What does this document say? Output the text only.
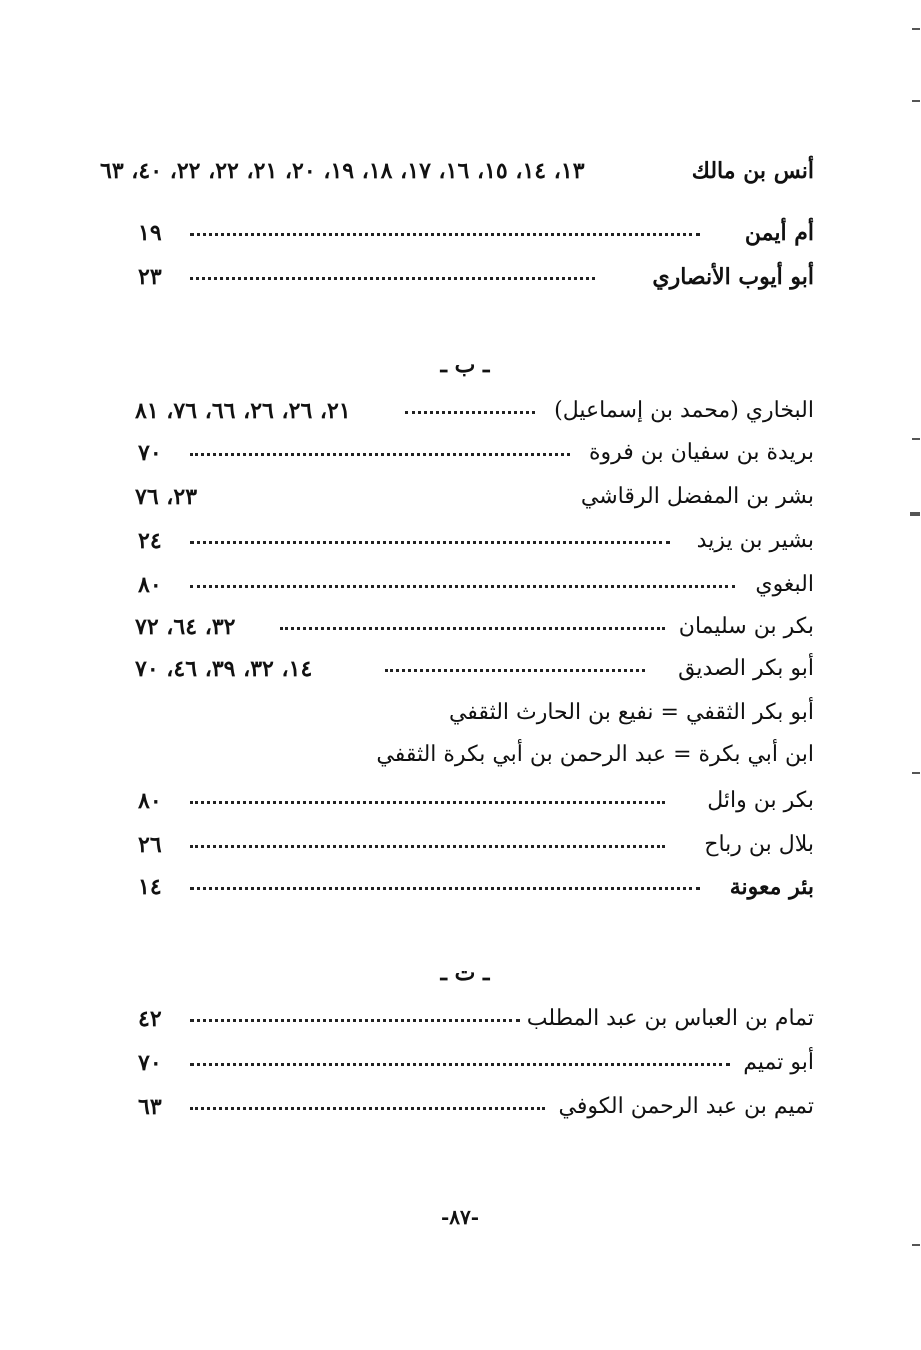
أنس بن مالك
١٣، ١٤، ١٥، ١٦، ١٧، ١٨، ١٩، ٢٠، ٢١، ٢٢، ٢٢، ٤٠، ٦٣
أم أيمن
١٩
أبو أيوب الأنصاري
٢٣
ـ ب ـ
البخاري (محمد بن إسماعيل)
٢١، ٢٦، ٢٦، ٦٦، ٧٦، ٨١
بريدة بن سفيان بن فروة
٧٠
بشر بن المفضل الرقاشي
٢٣، ٧٦
بشير بن يزيد
٢٤
البغوي
٨٠
بكر بن سليمان
٣٢، ٦٤، ٧٢
أبو بكر الصديق
١٤، ٣٢، ٣٩، ٤٦، ٧٠
أبو بكر الثقفي = نفيع بن الحارث الثقفي
ابن أبي بكرة = عبد الرحمن بن أبي بكرة الثقفي
بكر بن وائل
٨٠
بلال بن رباح
٢٦
بئر معونة
١٤
ـ ت ـ
تمام بن العباس بن عبد المطلب
٤٢
أبو تميم
٧٠
تميم بن عبد الرحمن الكوفي
٦٣
-٨٧-
